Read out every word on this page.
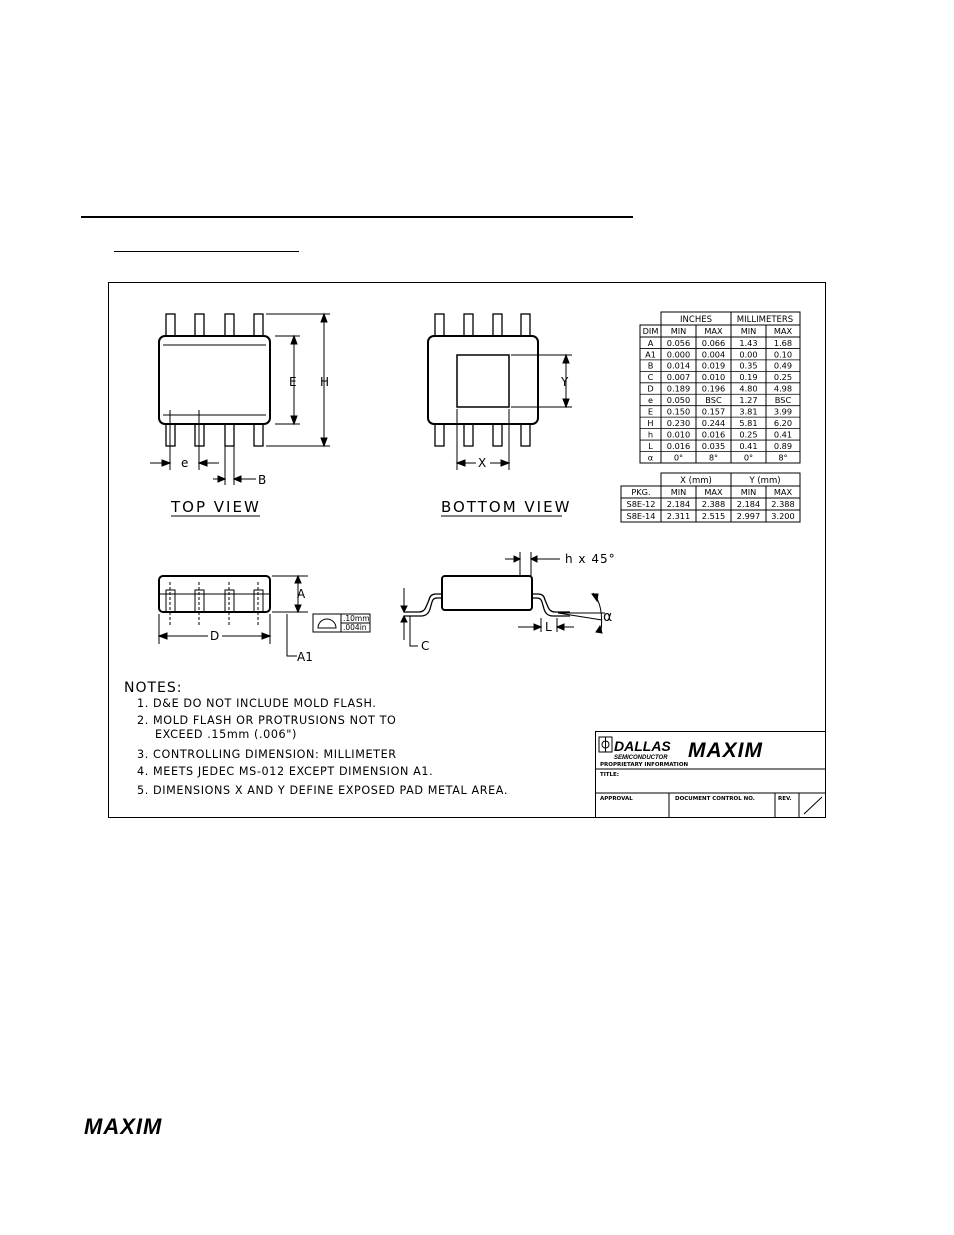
E H
e
B
TOP VIEW
Y
X
BOTTOM VIEW
A
D
A1
.10mm
.004in
h x 45°
C
L
α
INCHES	MILLIMETERS
X (mm)	Y (mm)
NOTES:
1. D&E DO NOT INCLUDE MOLD FLASH.
2. MOLD FLASH OR PROTRUSIONS NOT TO
EXCEED .15mm (.006")
3. CONTROLLING DIMENSION: MILLIMETER
4. MEETS JEDEC MS-012 EXCEPT DIMENSION A1.
5. DIMENSIONS X AND Y DEFINE EXPOSED PAD METAL AREA.
DALLAS
SEMICONDUCTOR MAXIM
PROPRIETARY INFORMATION
TITLE:
APPROVAL	DOCUMENT CONTROL NO.	REV.
MAXIM
DIM MIN MAX MIN MAX
A 0.056 0.066 1.43 1.68
A1 0.000 0.004 0.00 0.10
B 0.014 0.019 0.35 0.49
C 0.007 0.010 0.19 0.25
D 0.189 0.196 4.80 4.98
e 0.050 BSC 1.27 BSC
E 0.150 0.157 3.81 3.99
H 0.230 0.244 5.81 6.20
h 0.010 0.016 0.25 0.41
L 0.016 0.035 0.41 0.89
α	0°	8°	0°	8°
PKG. MIN MAX MIN MAX
S8E-12 2.184 2.388 2.184 2.388
S8E-14 2.311 2.515 2.997 3.200
